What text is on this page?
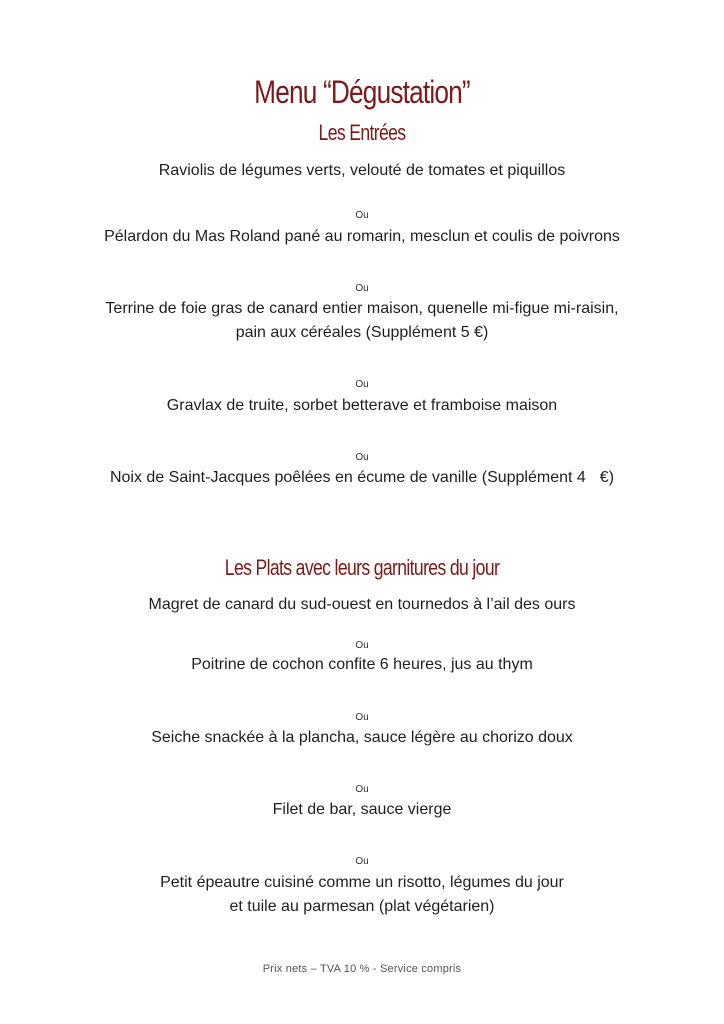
Menu “Dégustation”
Les Entrées
Raviolis de légumes verts, velouté de tomates et piquillos
Ou
Pélardon du Mas Roland pané au romarin, mesclun et coulis de poivrons
Ou
Terrine de foie gras de canard entier maison, quenelle mi-figue mi-raisin,
pain aux céréales (Supplément 5 €)
Ou
Gravlax de truite, sorbet betterave et framboise maison
Ou
Noix de Saint-Jacques poêlées en écume de vanille (Supplément 4 €)
Les Plats avec leurs garnitures du jour
Magret de canard du sud-ouest en tournedos à l’ail des ours
Ou
Poitrine de cochon confite 6 heures, jus au thym
Ou
Seiche snackée à la plancha, sauce légère au chorizo doux
Ou
Filet de bar, sauce vierge
Ou
Petit épeautre cuisiné comme un risotto, légumes du jour
et tuile au parmesan (plat végétarien)
Prix nets – TVA 10 % - Service compris
